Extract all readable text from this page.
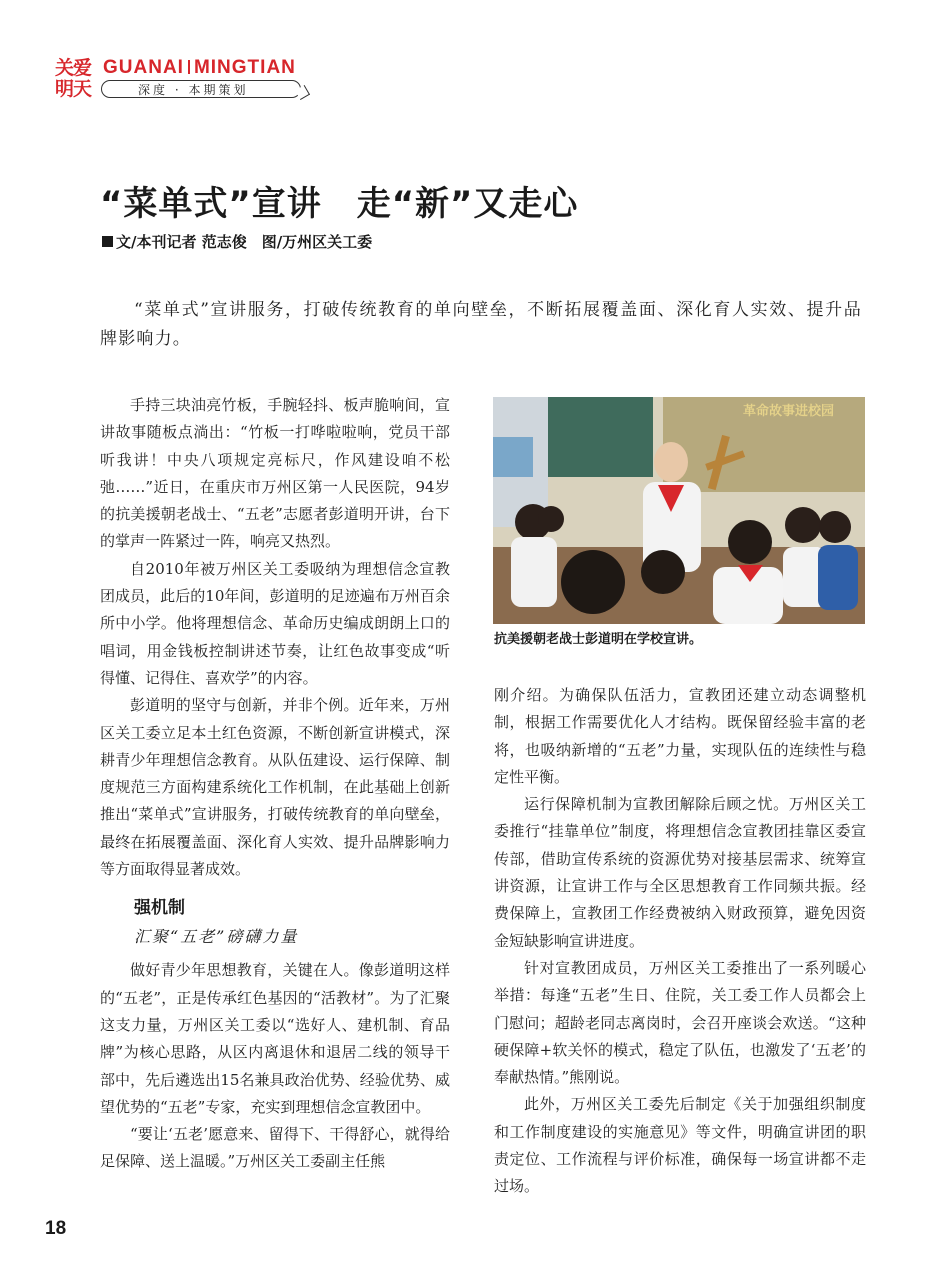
关爱
明天
GUANAI MINGTIAN
深度 · 本期策划
“菜单式”宣讲　走“新”又走心
文/本刊记者 范志俊　图/万州区关工委

“菜单式”宣讲服务，打破传统教育的单向壁垒，不断拓展覆盖面、深化育人实效、提升品牌影响力。

手持三块油亮竹板，手腕轻抖、板声脆响间，宣讲故事随板点淌出：“竹板一打哗啦啦响，党员干部听我讲！中央八项规定亮标尺，作风建设咱不松弛……”近日，在重庆市万州区第一人民医院，94岁的抗美援朝老战士、“五老”志愿者彭道明开讲，台下的掌声一阵紧过一阵，响亮又热烈。

自2010年被万州区关工委吸纳为理想信念宣教团成员，此后的10年间，彭道明的足迹遍布万州百余所中小学。他将理想信念、革命历史编成朗朗上口的唱词，用金钱板控制讲述节奏，让红色故事变成“听得懂、记得住、喜欢学”的内容。

彭道明的坚守与创新，并非个例。近年来，万州区关工委立足本土红色资源，不断创新宣讲模式，深耕青少年理想信念教育。从队伍建设、运行保障、制度规范三方面构建系统化工作机制，在此基础上创新推出“菜单式”宣讲服务，打破传统教育的单向壁垒，最终在拓展覆盖面、深化育人实效、提升品牌影响力等方面取得显著成效。

强机制
汇聚“五老”磅礴力量

做好青少年思想教育，关键在人。像彭道明这样的“五老”，正是传承红色基因的“活教材”。为了汇聚这支力量，万州区关工委以“选好人、建机制、育品牌”为核心思路，从区内离退休和退居二线的领导干部中，先后遴选出15名兼具政治优势、经验优势、威望优势的“五老”专家，充实到理想信念宣教团中。

“要让‘五老’愿意来、留得下、干得舒心，就得给足保障、送上温暖。”万州区关工委副主任熊

革命故事进校园
抗美援朝老战士彭道明在学校宣讲。

刚介绍。为确保队伍活力，宣教团还建立动态调整机制，根据工作需要优化人才结构。既保留经验丰富的老将，也吸纳新增的“五老”力量，实现队伍的连续性与稳定性平衡。

运行保障机制为宣教团解除后顾之忧。万州区关工委推行“挂靠单位”制度，将理想信念宣教团挂靠区委宣传部，借助宣传系统的资源优势对接基层需求、统筹宣讲资源，让宣讲工作与全区思想教育工作同频共振。经费保障上，宣教团工作经费被纳入财政预算，避免因资金短缺影响宣讲进度。

针对宣教团成员，万州区关工委推出了一系列暖心举措：每逢“五老”生日、住院，关工委工作人员都会上门慰问；超龄老同志离岗时，会召开座谈会欢送。“这种硬保障+软关怀的模式，稳定了队伍，也激发了‘五老’的奉献热情。”熊刚说。

此外，万州区关工委先后制定《关于加强组织制度和工作制度建设的实施意见》等文件，明确宣讲团的职责定位、工作流程与评价标准，确保每一场宣讲都不走过场。

18
